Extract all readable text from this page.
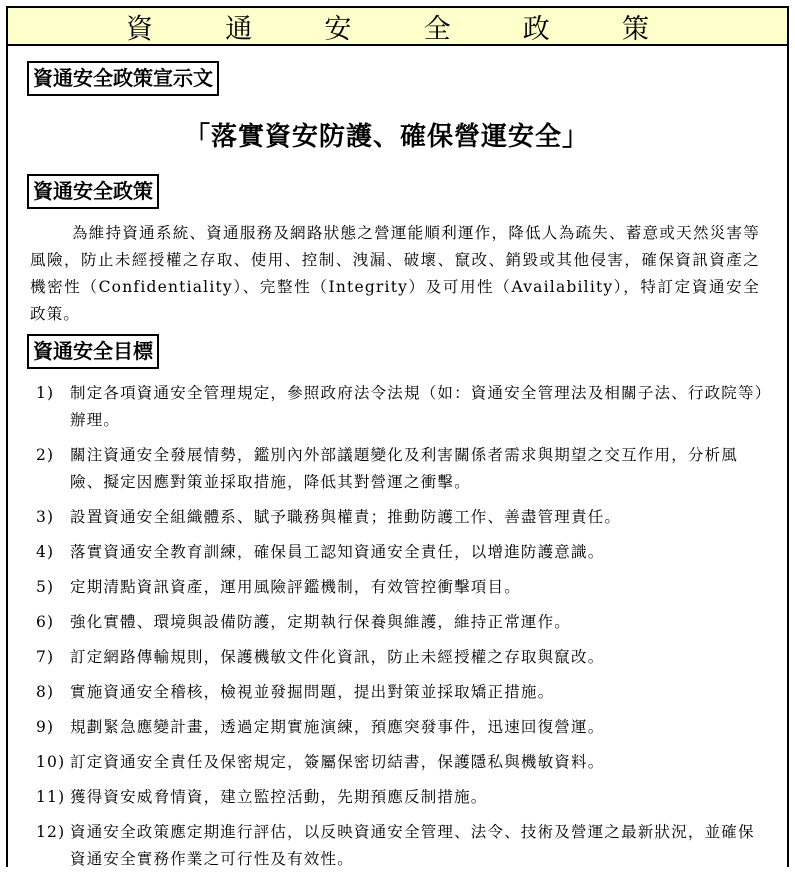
資	通	安	全	政	策
資通安全政策宣示文
「落實資安防護、確保營運安全」
資通安全政策
為維持資通系統、資通服務及網路狀態之營運能順利運作，降低人為疏失、蓄意或天然災害等風險，防止未經授權之存取、使用、控制、洩漏、破壞、竄改、銷毀或其他侵害，確保資訊資產之機密性（Confidentiality）、完整性（Integrity）及可用性（Availability），特訂定資通安全政策。
資通安全目標
1) 制定各項資通安全管理規定，參照政府法令法規（如：資通安全管理法及相關子法、行政院等）辦理。
2) 關注資通安全發展情勢，鑑別內外部議題變化及利害關係者需求與期望之交互作用，分析風險、擬定因應對策並採取措施，降低其對營運之衝擊。
3) 設置資通安全組織體系、賦予職務與權責；推動防護工作、善盡管理責任。
4) 落實資通安全教育訓練，確保員工認知資通安全責任，以增進防護意識。
5) 定期清點資訊資產，運用風險評鑑機制，有效管控衝擊項目。
6) 強化實體、環境與設備防護，定期執行保養與維護，維持正常運作。
7) 訂定網路傳輸規則，保護機敏文件化資訊，防止未經授權之存取與竄改。
8) 實施資通安全稽核，檢視並發掘問題，提出對策並採取矯正措施。
9) 規劃緊急應變計畫，透過定期實施演練，預應突發事件，迅速回復營運。
10) 訂定資通安全責任及保密規定，簽屬保密切結書，保護隱私與機敏資料。
11) 獲得資安威脅情資，建立監控活動，先期預應反制措施。
12) 資通安全政策應定期進行評估，以反映資通安全管理、法令、技術及營運之最新狀況，並確保資通安全實務作業之可行性及有效性。
